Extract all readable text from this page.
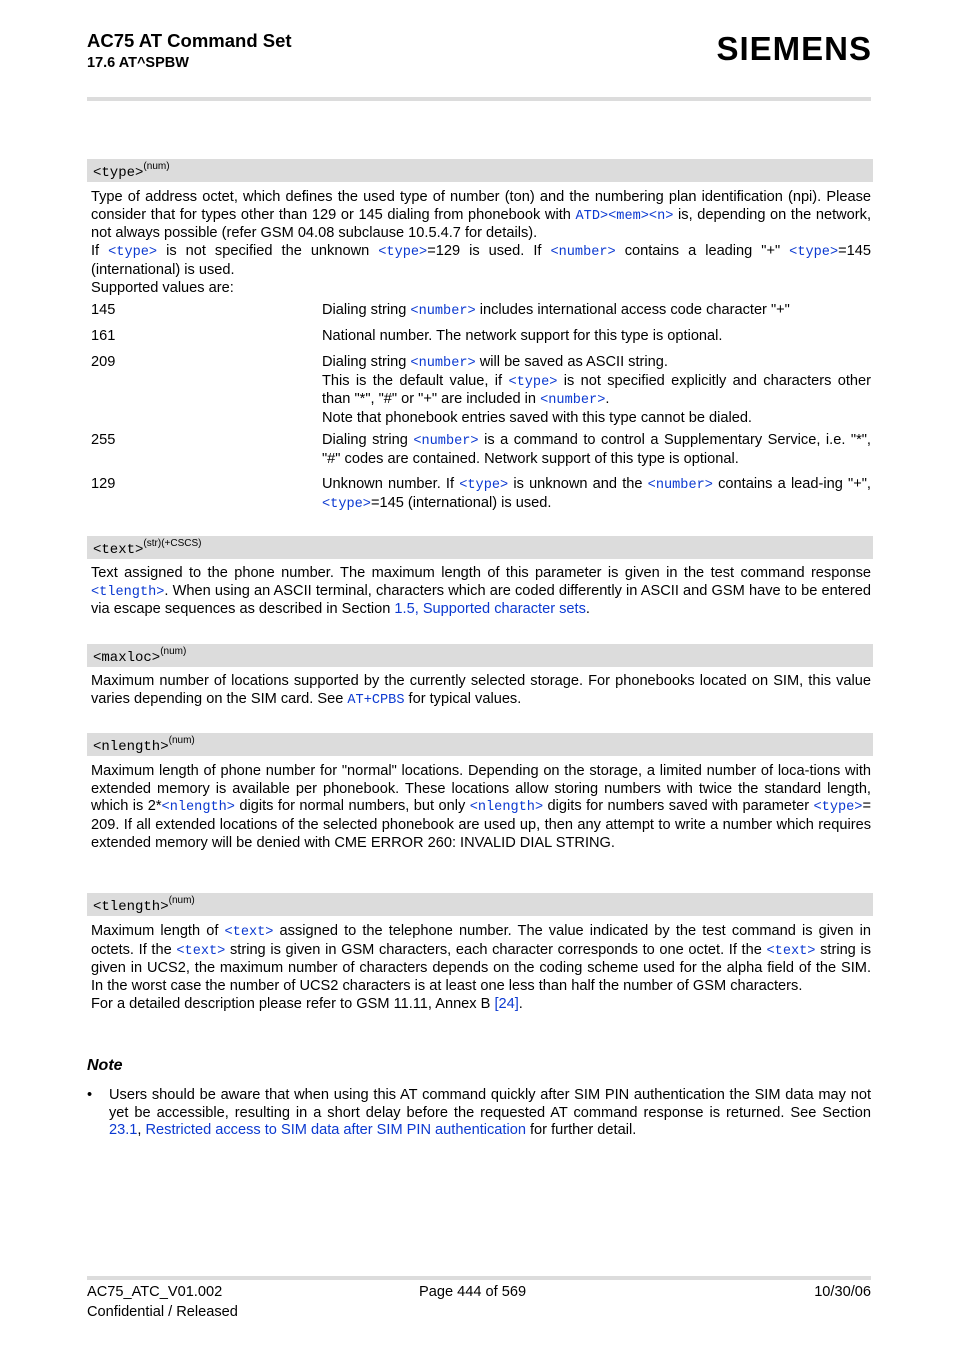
AC75 AT Command Set
17.6 AT^SPBW	SIEMENS
<type>$^{(num)}$

Type of address octet, which defines the used type of number (ton) and the numbering plan identification (npi). Please consider that for types other than 129 or 145 dialing from phonebook with ATD><mem><n> is, depending on the network, not always possible (refer GSM 04.08 subclause 10.5.4.7 for details).

If <type> is not specified the unknown <type>=129 is used. If <number> contains a leading "+" <type>=145 (international) is used.

Supported values are:

145	Dialing string <number> includes international access code character "+"
161	National number. The network support for this type is optional.
209	Dialing string <number> will be saved as ASCII string.
This is the default value, if <type> is not specified explicitly and characters other than "*", "#" or "+" are included in <number>.
Note that phonebook entries saved with this type cannot be dialed.
255	Dialing string <number> is a command to control a Supplementary Service, i.e. "*", "#" codes are contained. Network support of this type is optional.
129	Unknown number. If <type> is unknown and the <number> contains a lead-ing "+", <type>=145 (international) is used.
<text>$^{(str)(+CSCS)}$

Text assigned to the phone number. The maximum length of this parameter is given in the test command response <tlength>. When using an ASCII terminal, characters which are coded differently in ASCII and GSM have to be entered via escape sequences as described in Section 1.5, Supported character sets.

<maxloc>$^{(num)}$

Maximum number of locations supported by the currently selected storage. For phonebooks located on SIM, this value varies depending on the SIM card. See AT+CPBS for typical values.

<nlength>$^{(num)}$

Maximum length of phone number for "normal" locations. Depending on the storage, a limited number of loca-tions with extended memory is available per phonebook. These locations allow storing numbers with twice the standard length, which is 2*<nlength> digits for normal numbers, but only <nlength> digits for numbers saved with parameter <type>= 209. If all extended locations of the selected phonebook are used up, then any attempt to write a number which requires extended memory will be denied with CME ERROR 260: INVALID DIAL STRING.

<tlength>$^{(num)}$

Maximum length of <text> assigned to the telephone number. The value indicated by the test command is given in octets. If the <text> string is given in GSM characters, each character corresponds to one octet. If the <text> string is given in UCS2, the maximum number of characters depends on the coding scheme used for the alpha field of the SIM. In the worst case the number of UCS2 characters is at least one less than half the number of GSM characters.

For a detailed description please refer to GSM 11.11, Annex B [24].

Note
• Users should be aware that when using this AT command quickly after SIM PIN authentication the SIM data may not yet be accessible, resulting in a short delay before the requested AT command response is returned. See Section 23.1, Restricted access to SIM data after SIM PIN authentication for further detail.
AC75_ATC_V01.002
Confidential / Released
Page 444 of 569	10/30/06
